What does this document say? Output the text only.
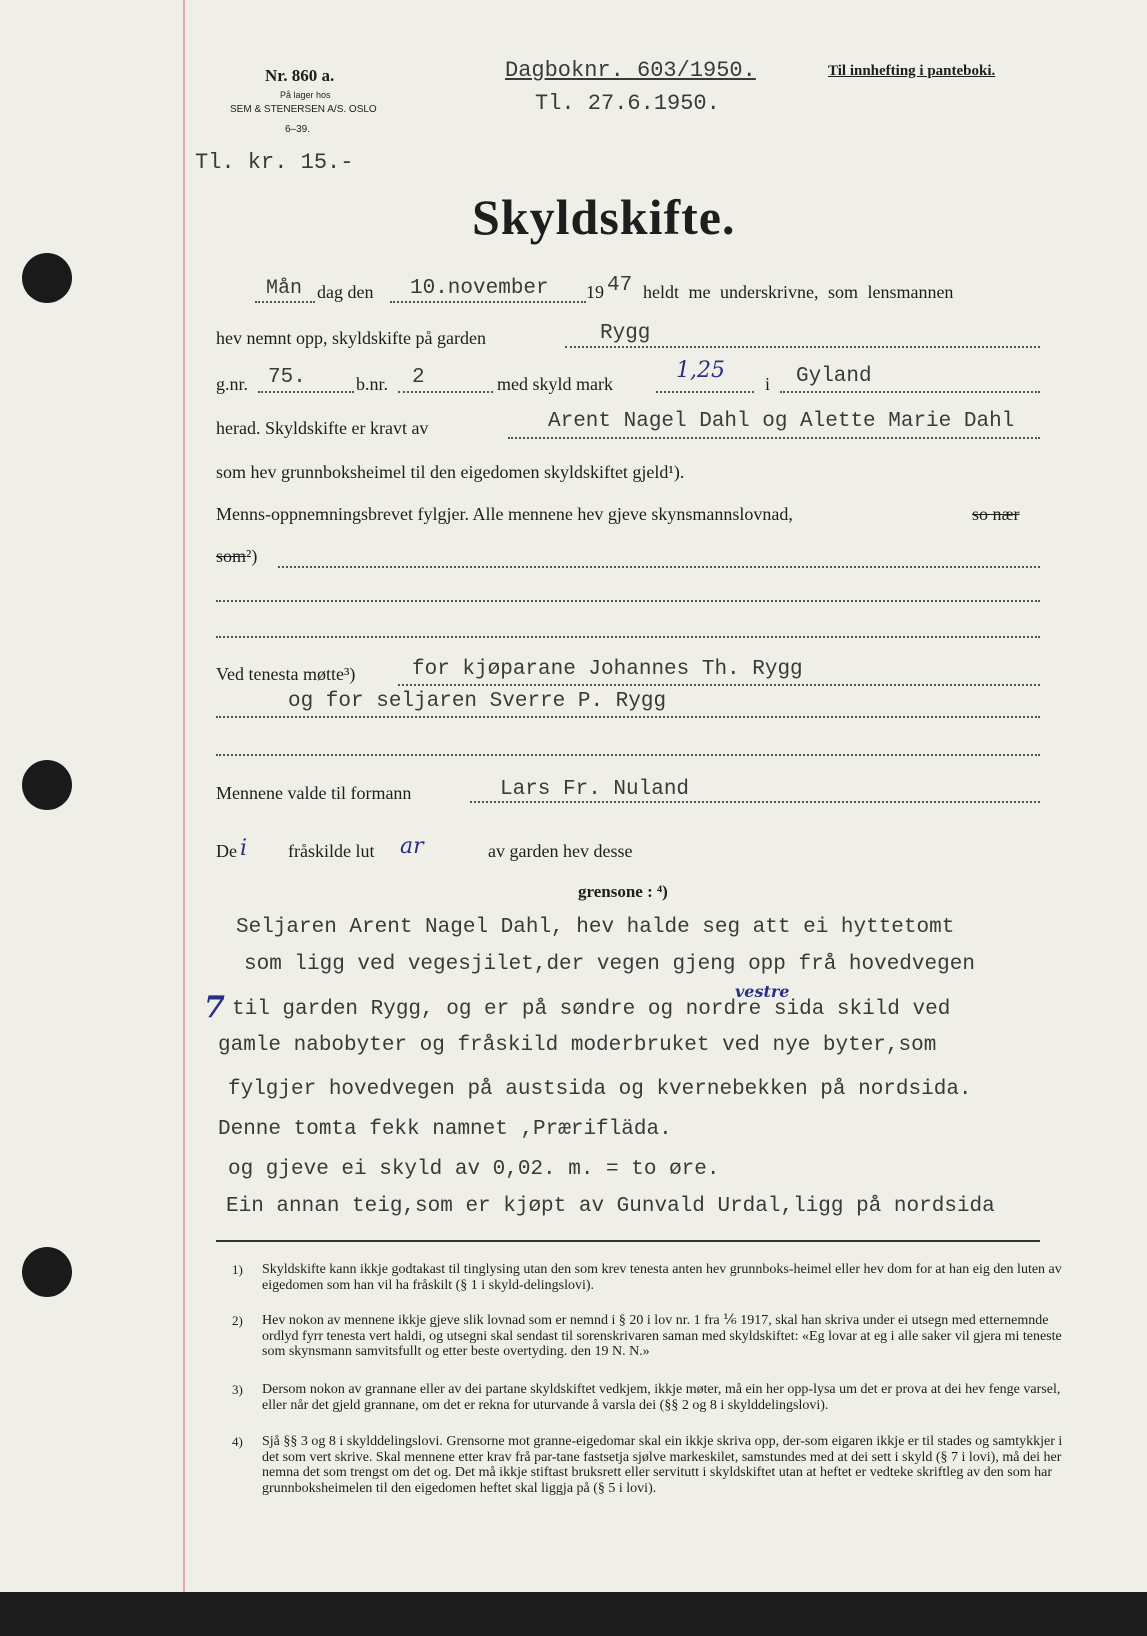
Nr. 860 a.
På lager hos
SEM & STENERSEN A/S. OSLO
6–39.
Dagboknr. 603/1950.
Tl. 27.6.1950.
Til innhefting i panteboki.
Tl. kr. 15.-
Skyldskifte.
Mån dag den 10.november 19 47 heldt me underskrivne, som lensmannen
hev nemnt opp, skyldskifte på garden	Rygg
g.nr. 75.	b.nr. 2	med skyld mark
1,25
i Gyland
herad. Skyldskifte er kravt av	Arent Nagel Dahl og Alette Marie Dahl
som hev grunnboksheimel til den eigedomen skyldskiftet gjeld¹).
Menns-oppnemningsbrevet fylgjer. Alle mennene hev gjeve skynsmannslovnad,	so nær
som²)
Ved tenesta møtte³)	for kjøparane Johannes Th. Rygg
og for seljaren Sverre P. Rygg
Mennene valde til formann	Lars Fr. Nuland
De i fråskilde lut ar	av garden hev desse
grensone : ⁴)
Seljaren Arent Nagel Dahl, hev halde seg att ei hyttetomt
som ligg ved vegesjilet,der vegen gjeng opp frå hovedvegen
vestre
7 til garden Rygg, og er på søndre og nordre sida skild ved
gamle nabobyter og fråskild moderbruket ved nye byter,som
fylgjer hovedvegen på austsida og kvernebekken på nordsida.
Denne tomta fekk namnet ,Prærifläda.
og gjeve ei skyld av 0,02. m. = to øre.
Ein annan teig,som er kjøpt av Gunvald Urdal,ligg på nordsida
1) Skyldskifte kann ikkje godtakast til tinglysing utan den som krev tenesta anten hev grunnboks-heimel eller hev dom for at han eig den luten av eigedomen som han vil ha fråskilt (§ 1 i skyld-delingslovi).
2) Hev nokon av mennene ikkje gjeve slik lovnad som er nemnd i § 20 i lov nr. 1 fra ⅙ 1917, skal han skriva under ei utsegn med etternemnde ordlyd fyrr tenesta vert haldi, og utsegni skal sendast til sorenskrivaren saman med skyldskiftet: «Eg lovar at eg i alle saker vil gjera mi teneste som skynsmann samvitsfullt og etter beste overtyding. den 19 N. N.»
3) Dersom nokon av grannane eller av dei partane skyldskiftet vedkjem, ikkje møter, må ein her opp-lysa um det er prova at dei hev fenge varsel, eller når det gjeld grannane, om det er rekna for uturvande å varsla dei (§§ 2 og 8 i skylddelingslovi).
4) Sjå §§ 3 og 8 i skylddelingslovi. Grensorne mot granne-eigedomar skal ein ikkje skriva opp, der-som eigaren ikkje er til stades og samtykkjer i det som vert skrive. Skal mennene etter krav frå par-tane fastsetja sjølve markeskilet, samstundes med at dei sett i skyld (§ 7 i lovi), må dei her nemna det som trengst om det og. Det må ikkje stiftast bruksrett eller servitutt i skyldskiftet utan at heftet er vedteke skriftleg av den som har grunnboksheimelen til den eigedomen heftet skal liggja på (§ 5 i lovi).
